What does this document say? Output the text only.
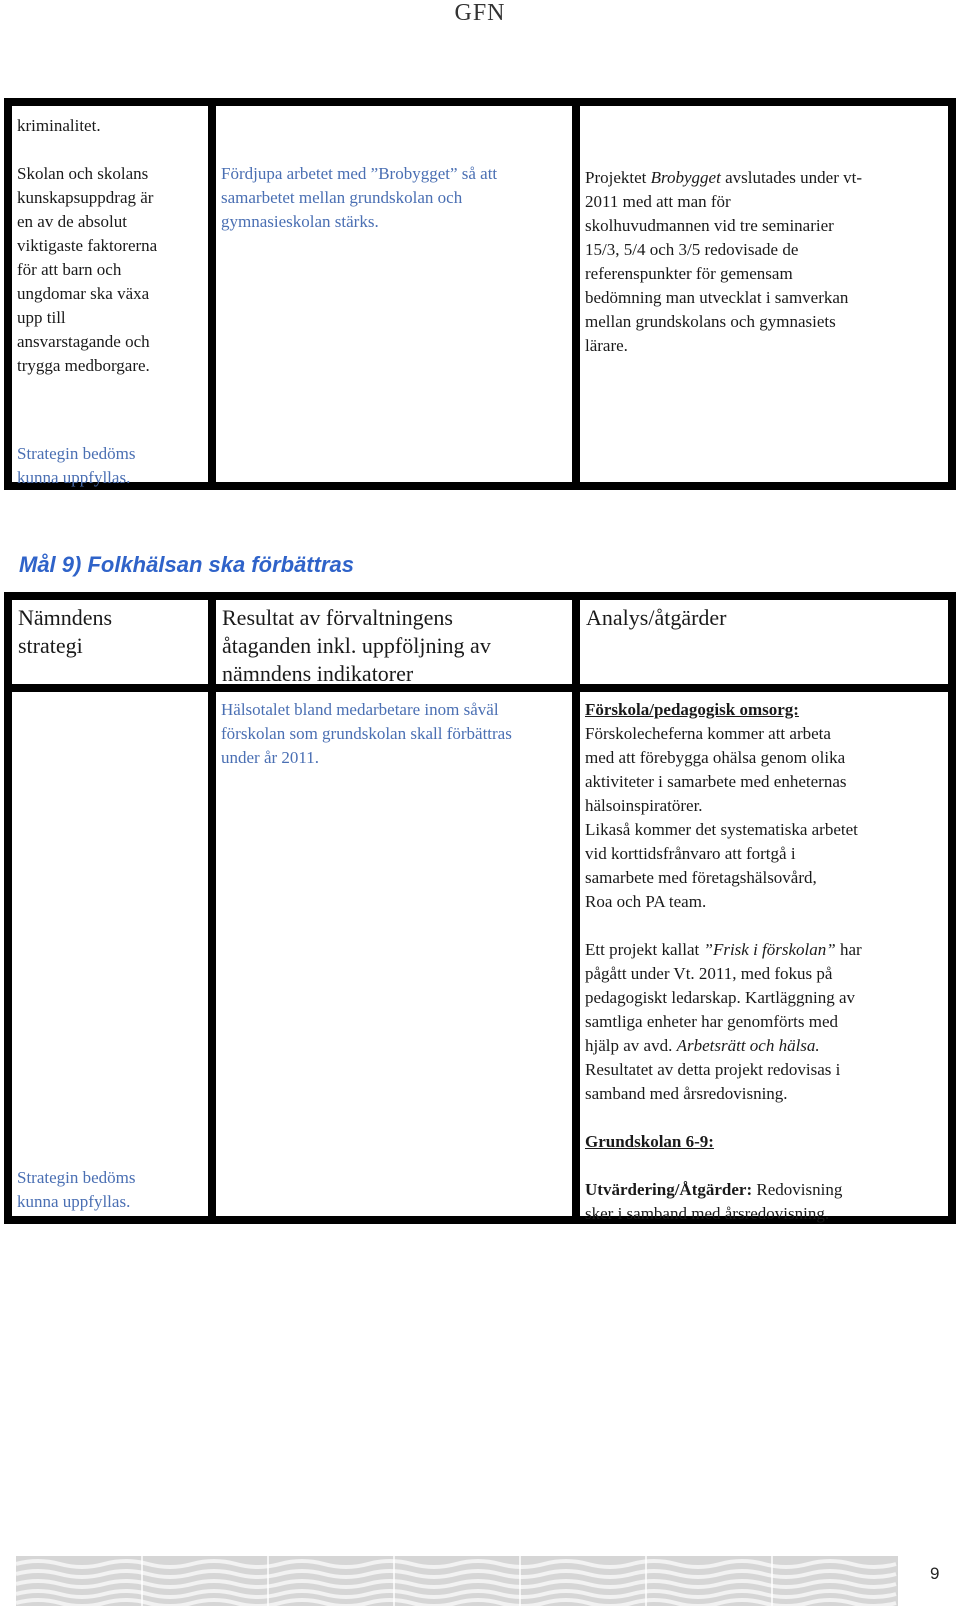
GFN
kriminalitet.
Skolan och skolans
kunskapsuppdrag är
en av de absolut
viktigaste faktorerna
för att barn och
ungdomar ska växa
upp till
ansvarstagande och
trygga medborgare.
Strategin bedöms
kunna uppfyllas.
Fördjupa arbetet med ”Brobygget” så att
samarbetet mellan grundskolan och
gymnasieskolan stärks.
Projektet Brobygget avslutades under vt-
2011 med att man för
skolhuvudmannen vid tre seminarier
15/3, 5/4 och 3/5 redovisade de
referenspunkter för gemensam
bedömning man utvecklat i samverkan
mellan grundskolans och gymnasiets
lärare.
Mål 9) Folkhälsan ska förbättras
Nämndens
strategi
Resultat av förvaltningens
åtaganden inkl. uppföljning av
nämndens indikatorer
Analys/åtgärder
Strategin bedöms
kunna uppfyllas.
Hälsotalet bland medarbetare inom såväl
förskolan som grundskolan skall förbättras
under år 2011.
Förskola/pedagogisk omsorg:
Förskolecheferna kommer att arbeta
med att förebygga ohälsa genom olika
aktiviteter i samarbete med enheternas
hälsoinspiratörer.
Likaså kommer det systematiska arbetet
vid korttidsfrånvaro att fortgå i
samarbete med företagshälsovård,
Roa och PA team.
Ett projekt kallat ”Frisk i förskolan” har
pågått under Vt. 2011, med fokus på
pedagogiskt ledarskap. Kartläggning av
samtliga enheter har genomförts med
hjälp av avd. Arbetsrätt och hälsa.
Resultatet av detta projekt redovisas i
samband med årsredovisning.
Grundskolan 6-9:
Utvärdering/Åtgärder: Redovisning
sker i samband med årsredovisning.
9
